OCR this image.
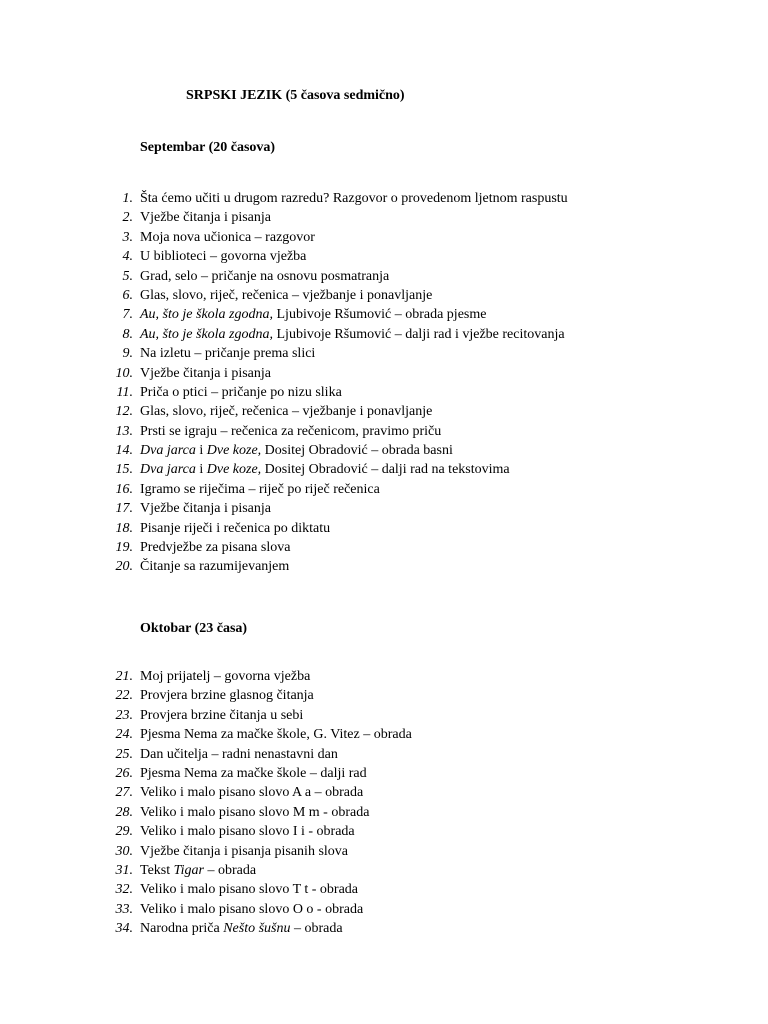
SRPSKI JEZIK (5 časova sedmično)
Septembar (20 časova)
1. Šta ćemo učiti u drugom razredu? Razgovor o provedenom ljetnom raspustu
2. Vježbe čitanja i pisanja
3. Moja nova učionica – razgovor
4. U biblioteci – govorna vježba
5. Grad, selo – pričanje na osnovu posmatranja
6. Glas, slovo, riječ, rečenica – vježbanje i ponavljanje
7. Au, što je škola zgodna, Ljubivoje Ršumović – obrada pjesme
8. Au, što je škola zgodna, Ljubivoje Ršumović – dalji rad i vježbe recitovanja
9. Na izletu – pričanje prema slici
10. Vježbe čitanja i pisanja
11. Priča o ptici – pričanje po nizu slika
12. Glas, slovo, riječ, rečenica – vježbanje i ponavljanje
13. Prsti se igraju – rečenica za rečenicom, pravimo priču
14. Dva jarca i Dve koze, Dositej Obradović – obrada basni
15. Dva jarca i Dve koze, Dositej Obradović – dalji rad na tekstovima
16. Igramo se riječima – riječ po riječ rečenica
17. Vježbe čitanja i pisanja
18. Pisanje riječi i rečenica po diktatu
19. Predvježbe za pisana slova
20. Čitanje sa razumijevanjem
Oktobar (23 časa)
21. Moj prijatelj – govorna vježba
22. Provjera brzine glasnog čitanja
23. Provjera brzine čitanja u sebi
24. Pjesma Nema za mačke škole, G. Vitez – obrada
25. Dan učitelja – radni nenastavni dan
26. Pjesma Nema za mačke škole – dalji rad
27. Veliko i malo pisano slovo A a – obrada
28. Veliko i malo pisano slovo M m - obrada
29. Veliko i malo pisano slovo I i - obrada
30. Vježbe čitanja i pisanja pisanih slova
31. Tekst Tigar – obrada
32. Veliko i malo pisano slovo T t - obrada
33. Veliko i malo pisano slovo O o - obrada
34. Narodna priča Nešto šušnu – obrada
